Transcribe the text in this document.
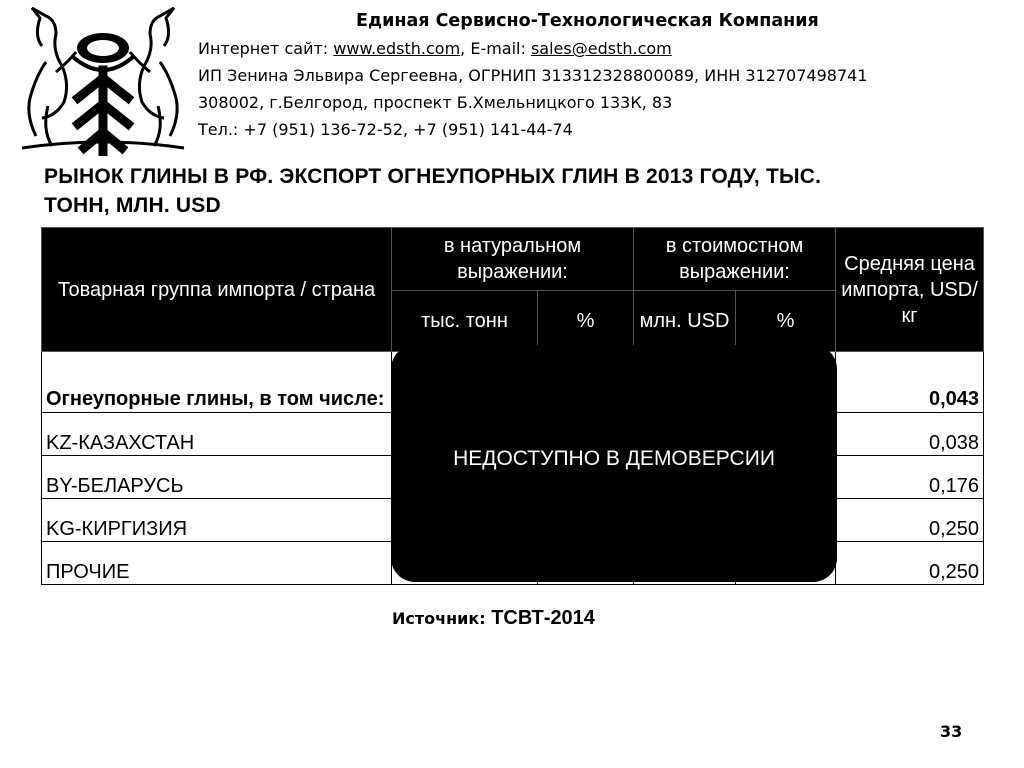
Единая Сервисно-Технологическая Компания
Интернет сайт: www.edsth.com, E-mail: sales@edsth.com
ИП Зенина Эльвира Сергеевна, ОГРНИП 313312328800089, ИНН 312707498741
308002, г.Белгород, проспект Б.Хмельницкого 133К, 83
Тел.: +7 (951) 136-72-52, +7 (951) 141-44-74
РЫНОК ГЛИНЫ В РФ. ЭКСПОРТ ОГНЕУПОРНЫХ ГЛИН В 2013 ГОДУ, ТЫС.
ТОНН, МЛН. USD
Товарная группа импорта / страна	в натуральном выражении:		в стоимостном выражении:		Средняя цена импорта, USD/кг
	тыс. тонн	%	млн. USD	%	
Огнеупорные глины, в том числе:					0,043
KZ-КАЗАХСТАН					0,038
BY-БЕЛАРУСЬ					0,176
KG-КИРГИЗИЯ					0,250
ПРОЧИЕ					0,250
НЕДОСТУПНО В ДЕМОВЕРСИИ
Источник: ТСВТ-2014
33
